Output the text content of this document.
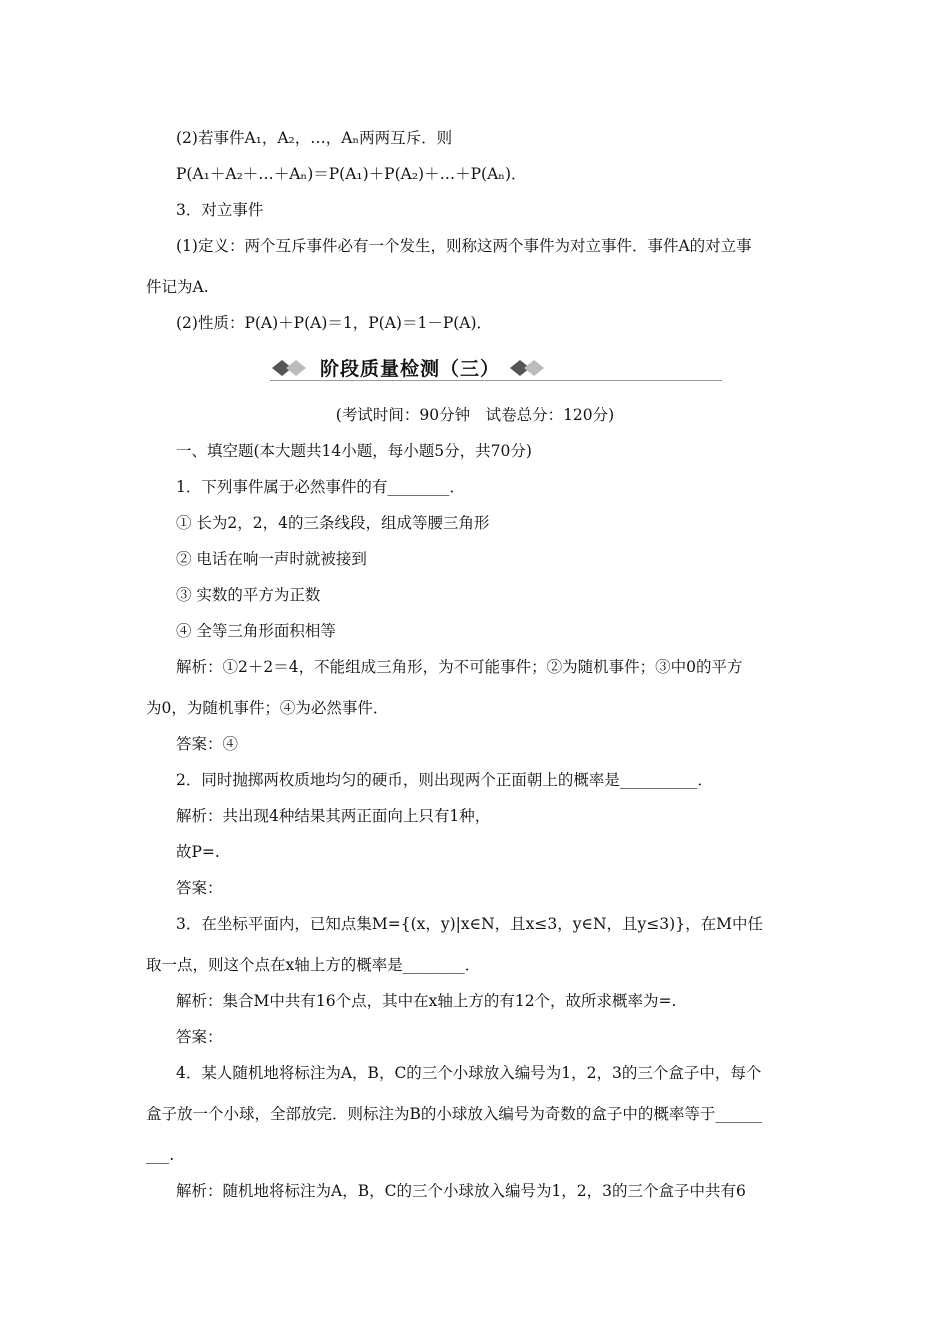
(2)若事件A₁，A₂，…，Aₙ两两互斥．则
P(A₁＋A₂＋…＋Aₙ)＝P(A₁)＋P(A₂)＋…＋P(Aₙ)．
3．对立事件
(1)定义：两个互斥事件必有一个发生，则称这两个事件为对立事件．事件A的对立事
件记为A.
(2)性质：P(A)＋P(A)＝1，P(A)＝1－P(A)．
阶段质量检测（三）
(考试时间：90分钟　试卷总分：120分)
一、填空题(本大题共14小题，每小题5分，共70分)
1．下列事件属于必然事件的有________．
① 长为2，2，4的三条线段，组成等腰三角形
② 电话在响一声时就被接到
③ 实数的平方为正数
④ 全等三角形面积相等
解析：①2＋2＝4，不能组成三角形，为不可能事件；②为随机事件；③中0的平方
为0，为随机事件；④为必然事件．
答案：④
2．同时抛掷两枚质地均匀的硬币，则出现两个正面朝上的概率是__________．
解析：共出现4种结果其两正面向上只有1种，
故P=.
答案：
3．在坐标平面内，已知点集M={(x，y)|x∈N，且x≤3，y∈N，且y≤3)}，在M中任
取一点，则这个点在x轴上方的概率是________．
解析：集合M中共有16个点，其中在x轴上方的有12个，故所求概率为=.
答案：
4．某人随机地将标注为A，B，C的三个小球放入编号为1，2，3的三个盒子中，每个
盒子放一个小球，全部放完．则标注为B的小球放入编号为奇数的盒子中的概率等于______
___.
解析：随机地将标注为A，B，C的三个小球放入编号为1，2，3的三个盒子中共有6
